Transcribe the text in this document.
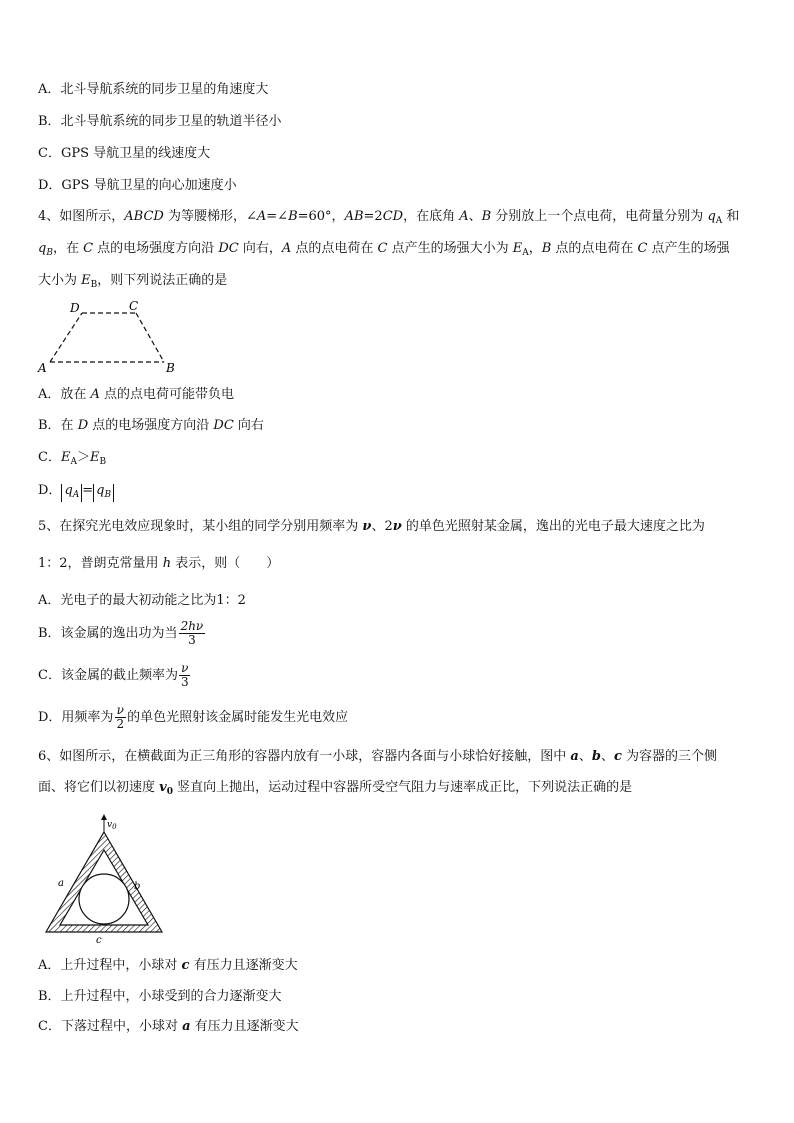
A．北斗导航系统的同步卫星的角速度大
B．北斗导航系统的同步卫星的轨道半径小
C．GPS 导航卫星的线速度大
D．GPS 导航卫星的向心加速度小
4、如图所示，ABCD 为等腰梯形，∠A=∠B=60°，AB=2CD，在底角 A、B 分别放上一个点电荷，电荷量分别为 $q_A$ 和
$q_B$，在 C 点的电场强度方向沿 DC 向右，A 点的点电荷在 C 点产生的场强大小为 $E_A$，B 点的点电荷在 C 点产生的场强
大小为 $E_B$，则下列说法正确的是
D	C
A	B
A．放在 A 点的点电荷可能带负电
B．在 D 点的电场强度方向沿 DC 向右
C．$E_A>E_B$
D． $q_A = q_B$
5、在探究光电效应现象时，某小组的同学分别用频率为 ν、2ν 的单色光照射某金属，逸出的光电子最大速度之比为
1：2，普朗克常量用 h 表示，则（　　）
A．光电子的最大初动能之比为1：2
B．该金属的逸出功为当 $\frac{2h\nu}{3}$
C．该金属的截止频率为 $\frac{\nu}{3}$
D．用频率为 $\frac{\nu}{2}$ 的单色光照射该金属时能发生光电效应
6、如图所示，在横截面为正三角形的容器内放有一小球，容器内各面与小球恰好接触，图中 a、b、c 为容器的三个侧
面、将它们以初速度 $v_0$ 竖直向上抛出，运动过程中容器所受空气阻力与速率成正比，下列说法正确的是
$v_0$
a	b
c
A．上升过程中，小球对 c 有压力且逐渐变大
B．上升过程中，小球受到的合力逐渐变大
C．下落过程中，小球对 a 有压力且逐渐变大
